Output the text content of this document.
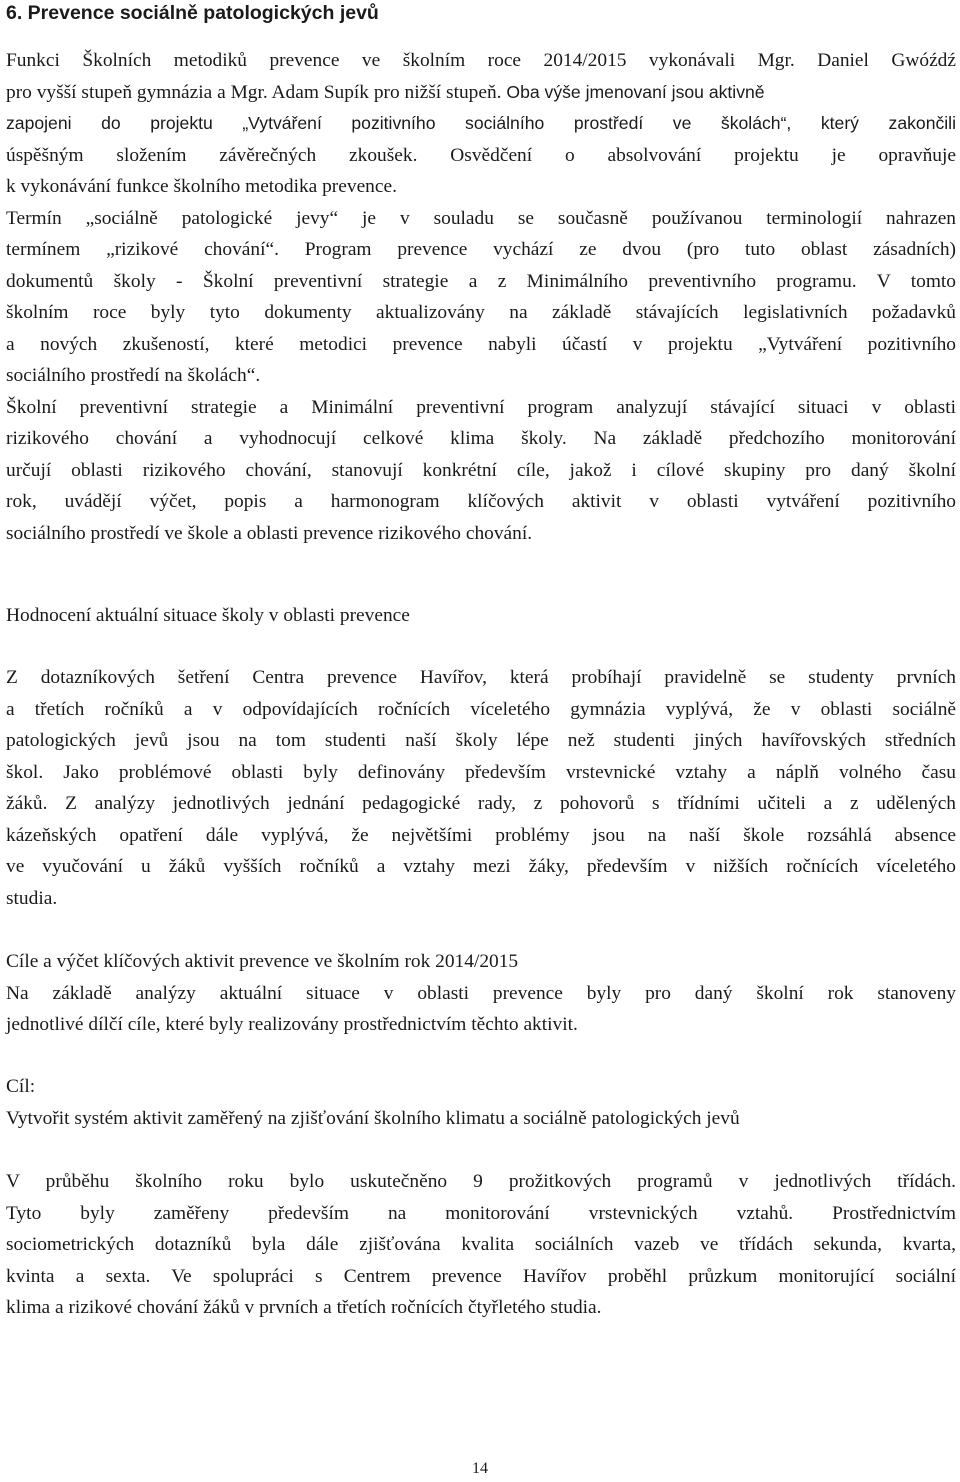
6. Prevence sociálně patologických jevů
Funkci Školních metodiků prevence ve školním roce 2014/2015 vykonávali Mgr. Daniel Gwóźdź
pro vyšší stupeň gymnázia a Mgr. Adam Supík pro nižší stupeň. Oba výše jmenovaní jsou aktivně
zapojeni do projektu „Vytváření pozitivního sociálního prostředí ve školách“, který zakončili
úspěšným složením závěrečných zkoušek. Osvědčení o absolvování projektu je opravňuje
k vykonávání funkce školního metodika prevence.
Termín „sociálně patologické jevy“ je v souladu se současně používanou terminologií nahrazen
termínem „rizikové chování“. Program prevence vychází ze dvou (pro tuto oblast zásadních)
dokumentů školy - Školní preventivní strategie a z Minimálního preventivního programu. V tomto
školním roce byly tyto dokumenty aktualizovány na základě stávajících legislativních požadavků
a nových zkušeností, které metodici prevence nabyli účastí v projektu „Vytváření pozitivního
sociálního prostředí na školách“.
Školní preventivní strategie a Minimální preventivní program analyzují stávající situaci v oblasti
rizikového chování a vyhodnocují celkové klima školy. Na základě předchozího monitorování
určují oblasti rizikového chování, stanovují konkrétní cíle, jakož i cílové skupiny pro daný školní
rok, uvádějí výčet, popis a harmonogram klíčových aktivit v oblasti vytváření pozitivního
sociálního prostředí ve škole a oblasti prevence rizikového chování.
Hodnocení aktuální situace školy v oblasti prevence
Z dotazníkových šetření Centra prevence Havířov, která probíhají pravidelně se studenty prvních
a třetích ročníků a v odpovídajících ročnících víceletého gymnázia vyplývá, že v oblasti sociálně
patologických jevů jsou na tom studenti naší školy lépe než studenti jiných havířovských středních
škol. Jako problémové oblasti byly definovány především vrstevnické vztahy a náplň volného času
žáků. Z analýzy jednotlivých jednání pedagogické rady, z pohovorů s třídními učiteli a z udělených
kázeňských opatření dále vyplývá, že největšími problémy jsou na naší škole rozsáhlá absence
ve vyučování u žáků vyšších ročníků a vztahy mezi žáky, především v nižších ročnících víceletého
studia.
Cíle a výčet klíčových aktivit prevence ve školním rok 2014/2015
Na základě analýzy aktuální situace v oblasti prevence byly pro daný školní rok stanoveny
jednotlivé dílčí cíle, které byly realizovány prostřednictvím těchto aktivit.
Cíl:
Vytvořit systém aktivit zaměřený na zjišťování školního klimatu a sociálně patologických jevů
V průběhu školního roku bylo uskutečněno 9 prožitkových programů v jednotlivých třídách.
Tyto byly zaměřeny především na monitorování vrstevnických vztahů. Prostřednictvím
sociometrických dotazníků byla dále zjišťována kvalita sociálních vazeb ve třídách sekunda, kvarta,
kvinta a sexta. Ve spolupráci s Centrem prevence Havířov proběhl průzkum monitorující sociální
klima a rizikové chování žáků v prvních a třetích ročnících čtyřletého studia.
14
